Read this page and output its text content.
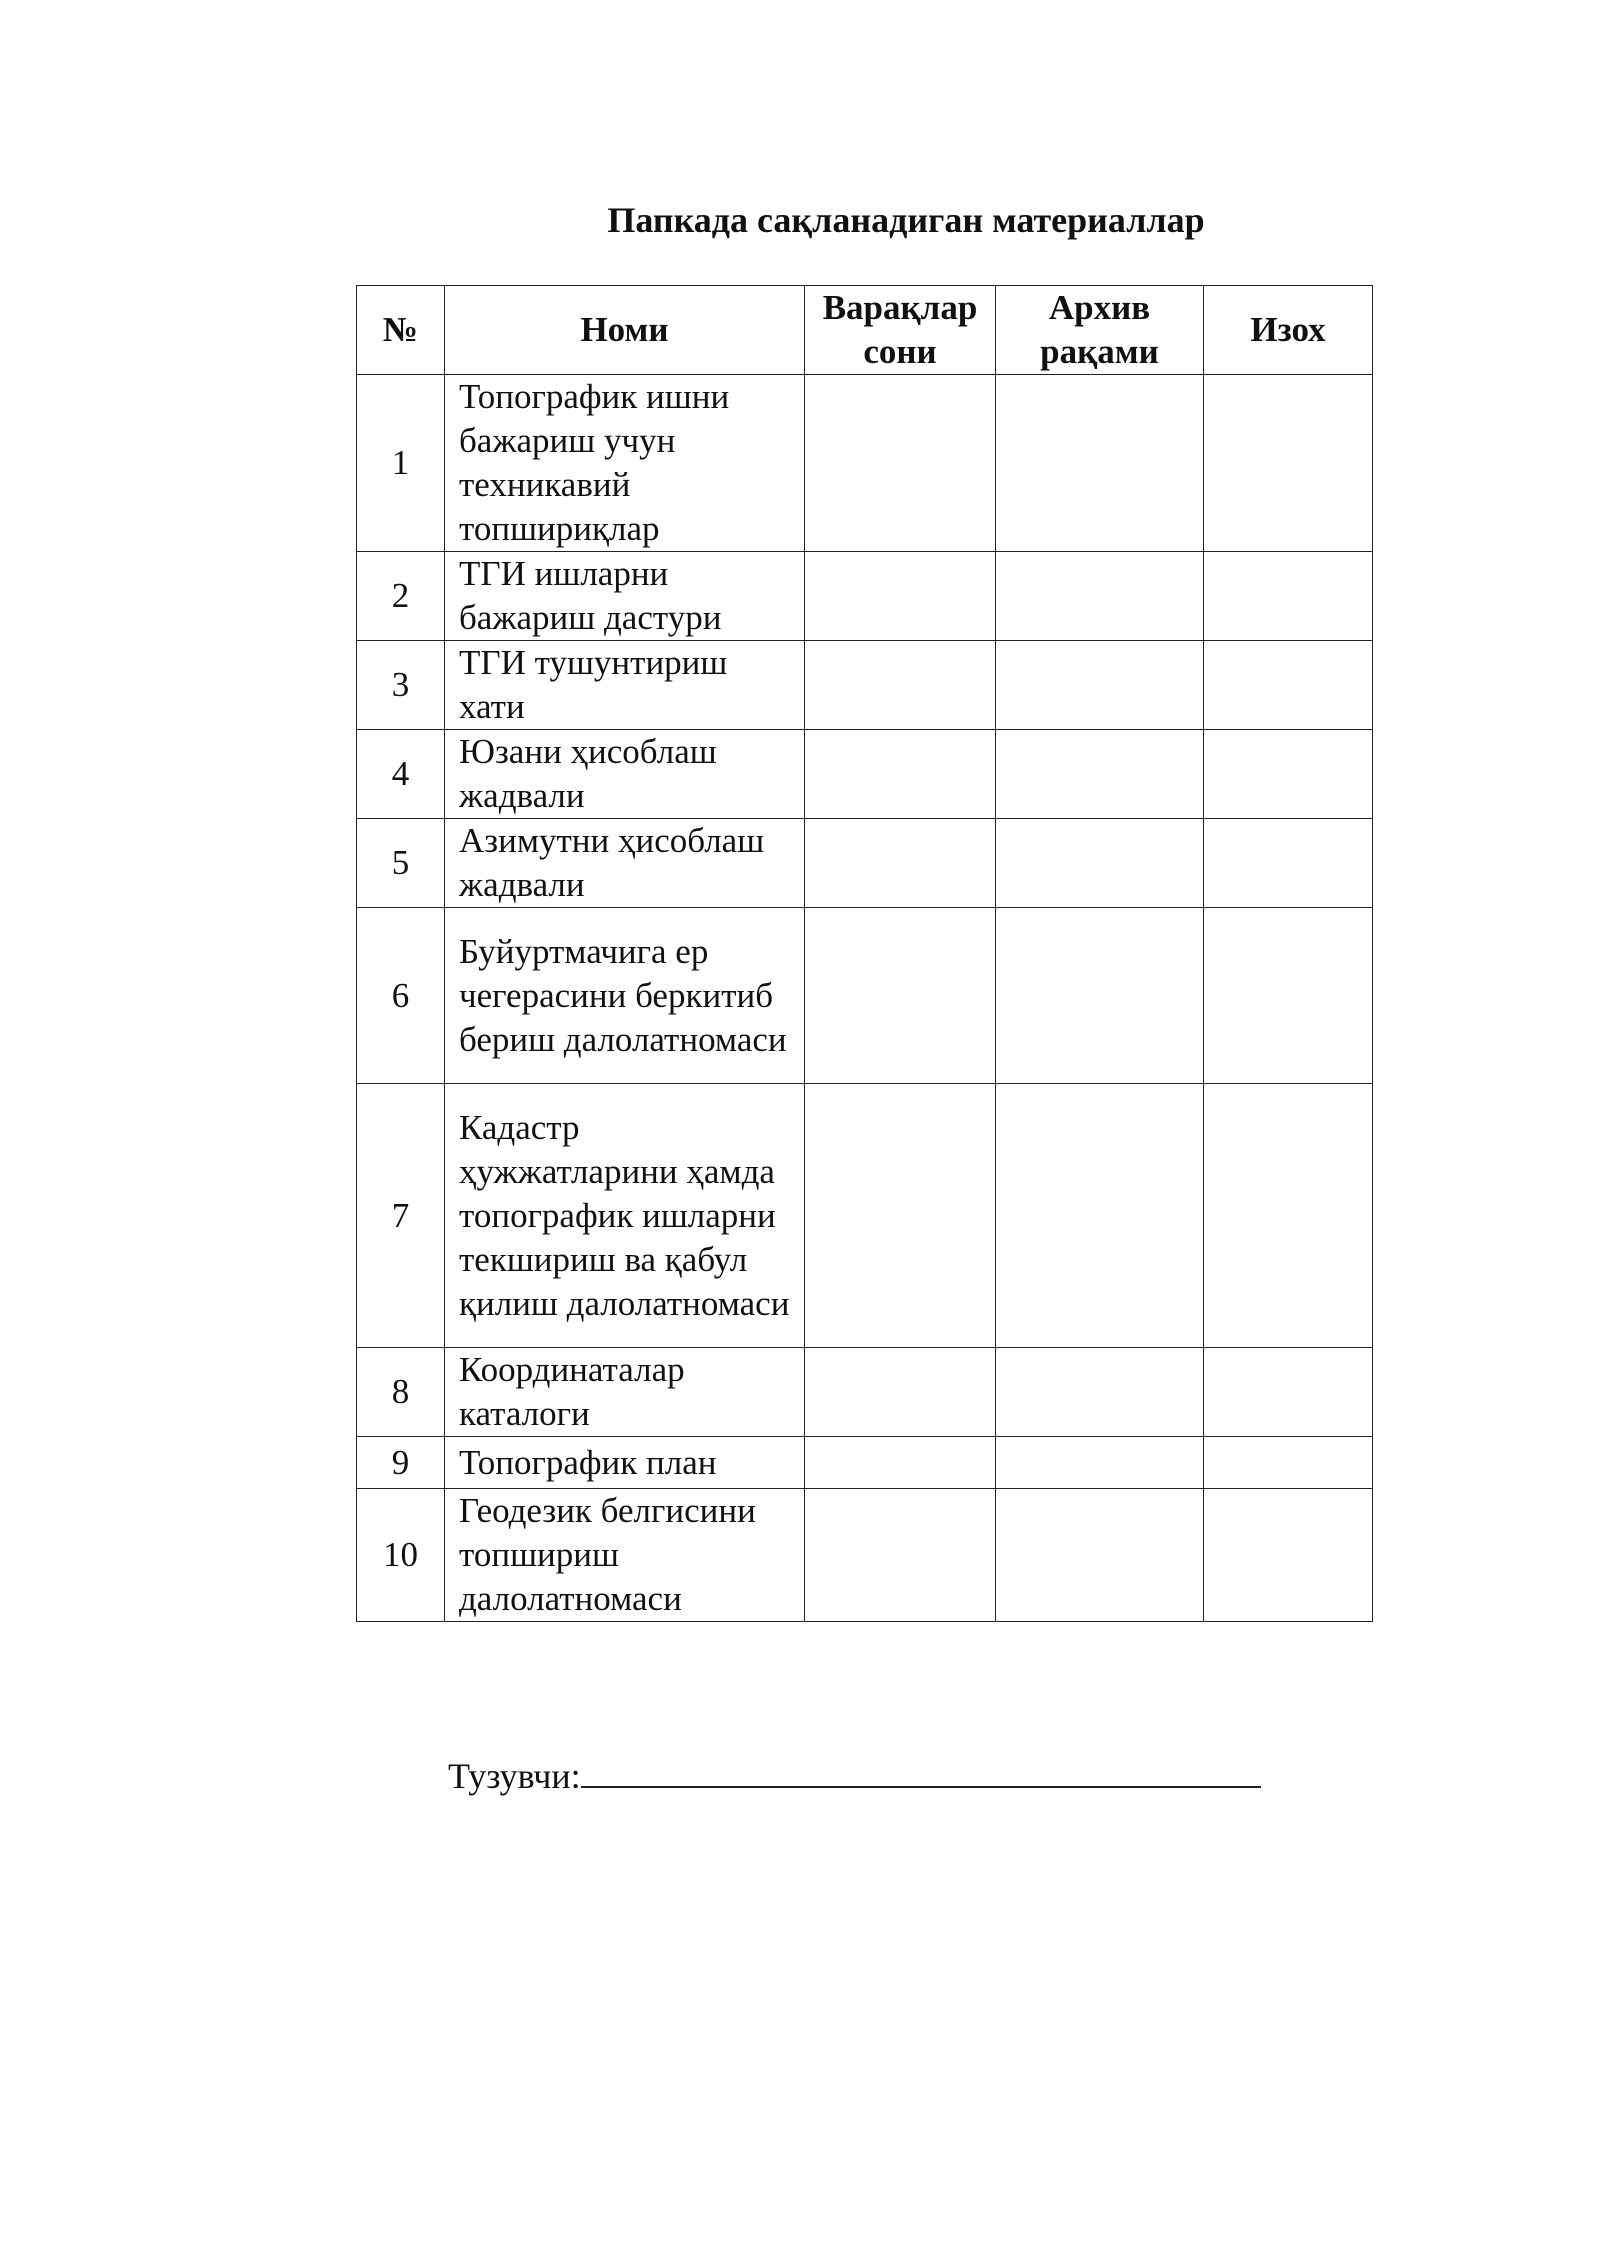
Папкада сақланадиган материаллар
№	Номи	Варақлар сони	Архив рақами	Изох
1	Топографик ишни бажариш учун техникавий топшириқлар			
2	ТГИ ишларни бажариш дастури			
3	ТГИ тушунтириш хати			
4	Юзани ҳисоблаш жадвали			
5	Азимутни ҳисоблаш жадвали			
6	Буйуртмачига ер чегерасини беркитиб бериш далолатномаси			
7	Кадастр ҳужжатларини ҳамда топографик ишларни текшириш ва қабул қилиш далолатномаси			
8	Координаталар каталоги			
9	Топографик план			
10	Геодезик белгисини топшириш далолатномаси			
Тузувчи:
